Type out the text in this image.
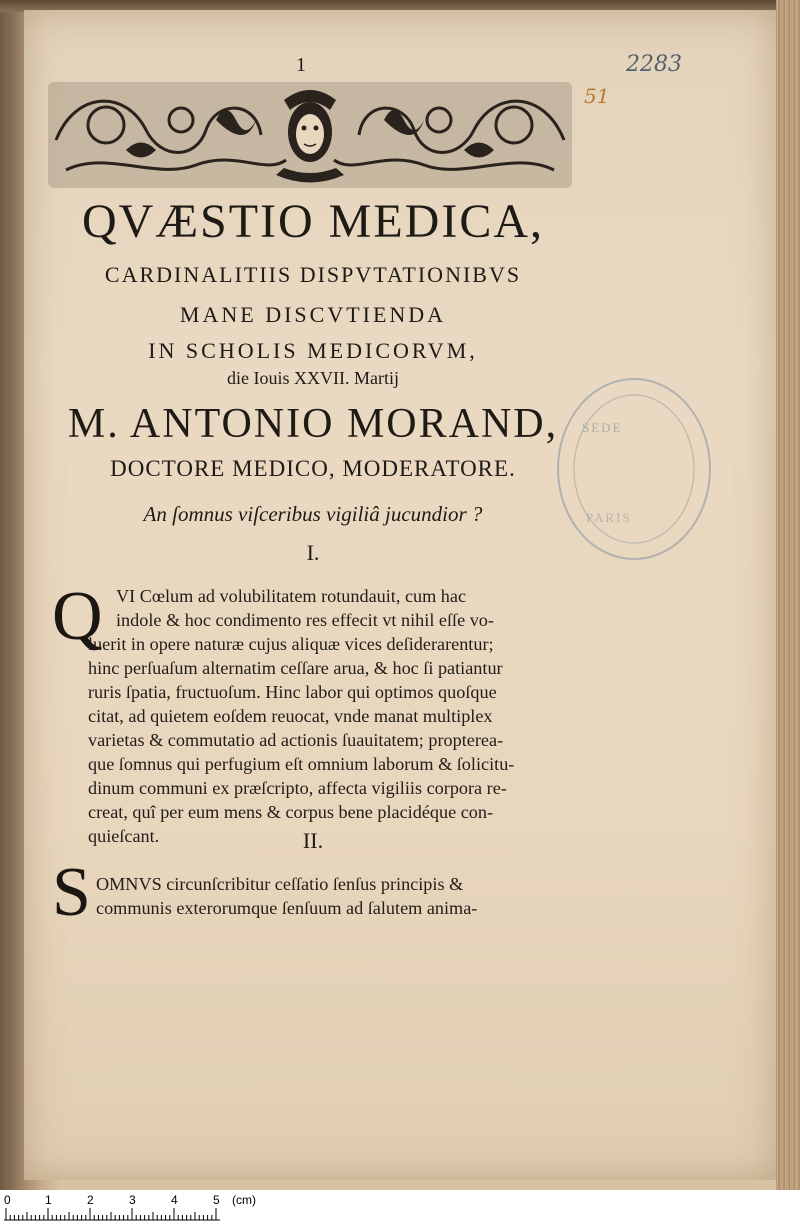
1	2283
51
QVÆSTIO MEDICA,
CARDINALITIIS DISPVTATIONIBVS
MANE DISCVTIENDA
IN SCHOLIS MEDICORVM,
die Iouis XXVII. Martij
M. ANTONIO MORAND,
DOCTORE MEDICO, MODERATORE.
An ſomnus viſceribus vigiliâ jucundior ?
SEDE
PARIS
I.
Q VI Cœlum ad volubilitatem rotundauit, cum hac
indole & hoc condimento res effecit vt nihil eſſe vo-
luerit in opere naturæ cujus aliquæ vices deſiderarentur;
hinc perſuaſum alternatim ceſſare arua, & hoc ſi patiantur
ruris ſpatia, fructuoſum. Hinc labor qui optimos quoſque
citat, ad quietem eoſdem reuocat, vnde manat multiplex
varietas & commutatio ad actionis ſuauitatem; propterea-
que ſomnus qui perfugium eſt omnium laborum & ſolicitu-
dinum communi ex præſcripto, affecta vigiliis corpora re-
creat, quî per eum mens & corpus bene placidéque con-
quieſcant.	II.
S OMNVS circunſcribitur ceſſatio ſenſus principis &
communis exterorumque ſenſuum ad ſalutem anima-
0	1	2	3	4	5 (cm)
